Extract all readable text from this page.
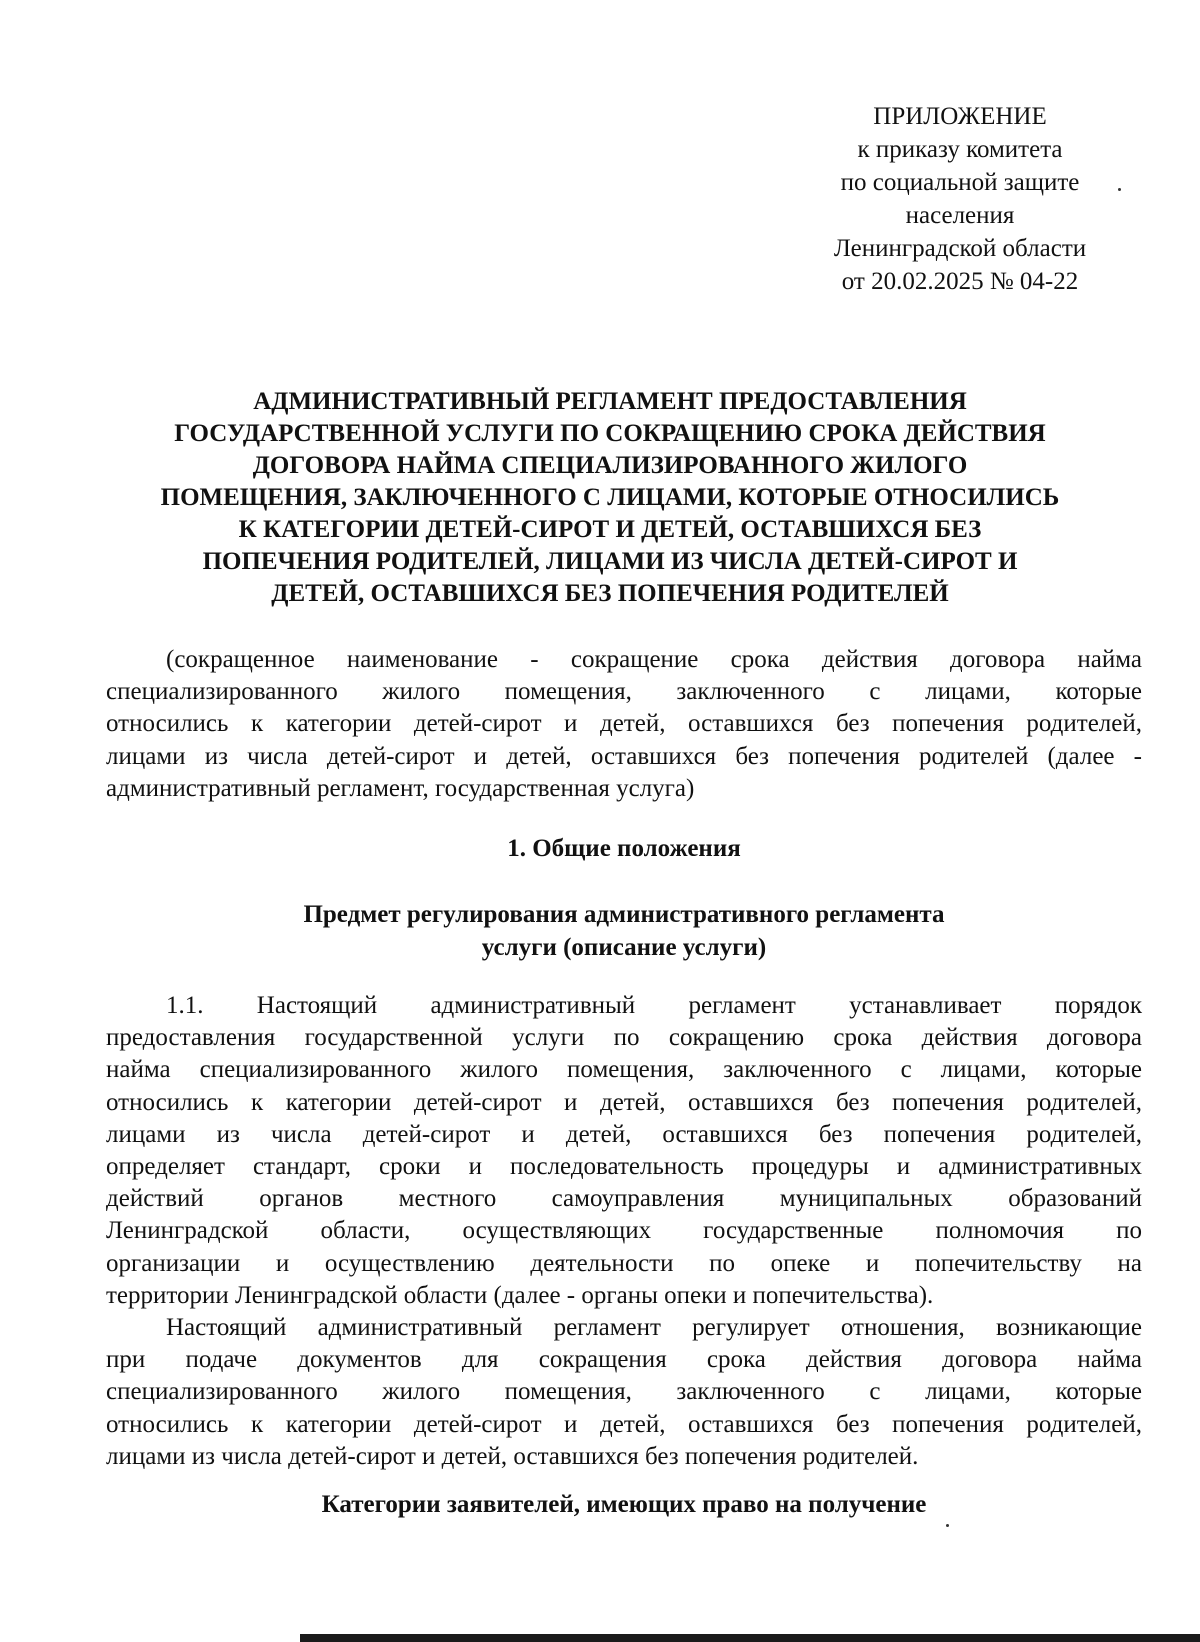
ПРИЛОЖЕНИЕ
к приказу комитета
по социальной защите
населения
Ленинградской области
от 20.02.2025 № 04-22
АДМИНИСТРАТИВНЫЙ РЕГЛАМЕНТ ПРЕДОСТАВЛЕНИЯ
ГОСУДАРСТВЕННОЙ УСЛУГИ ПО СОКРАЩЕНИЮ СРОКА ДЕЙСТВИЯ
ДОГОВОРА НАЙМА СПЕЦИАЛИЗИРОВАННОГО ЖИЛОГО
ПОМЕЩЕНИЯ, ЗАКЛЮЧЕННОГО С ЛИЦАМИ, КОТОРЫЕ ОТНОСИЛИСЬ
К КАТЕГОРИИ ДЕТЕЙ-СИРОТ И ДЕТЕЙ, ОСТАВШИХСЯ БЕЗ
ПОПЕЧЕНИЯ РОДИТЕЛЕЙ, ЛИЦАМИ ИЗ ЧИСЛА ДЕТЕЙ-СИРОТ И
ДЕТЕЙ, ОСТАВШИХСЯ БЕЗ ПОПЕЧЕНИЯ РОДИТЕЛЕЙ
(сокращенное наименование - сокращение срока действия договора найма
специализированного жилого помещения, заключенного с лицами, которые
относились к категории детей-сирот и детей, оставшихся без попечения родителей,
лицами из числа детей-сирот и детей, оставшихся без попечения родителей (далее -
административный регламент, государственная услуга)
1. Общие положения
Предмет регулирования административного регламента
услуги (описание услуги)
1.1. Настоящий административный регламент устанавливает порядок
предоставления государственной услуги по сокращению срока действия договора
найма специализированного жилого помещения, заключенного с лицами, которые
относились к категории детей-сирот и детей, оставшихся без попечения родителей,
лицами из числа детей-сирот и детей, оставшихся без попечения родителей,
определяет стандарт, сроки и последовательность процедуры и административных
действий органов местного самоуправления муниципальных образований
Ленинградской области, осуществляющих государственные полномочия по
организации и осуществлению деятельности по опеке и попечительству на
территории Ленинградской области (далее - органы опеки и попечительства).
Настоящий административный регламент регулирует отношения, возникающие
при подаче документов для сокращения срока действия договора найма
специализированного жилого помещения, заключенного с лицами, которые
относились к категории детей-сирот и детей, оставшихся без попечения родителей,
лицами из числа детей-сирот и детей, оставшихся без попечения родителей.
Категории заявителей, имеющих право на получение
